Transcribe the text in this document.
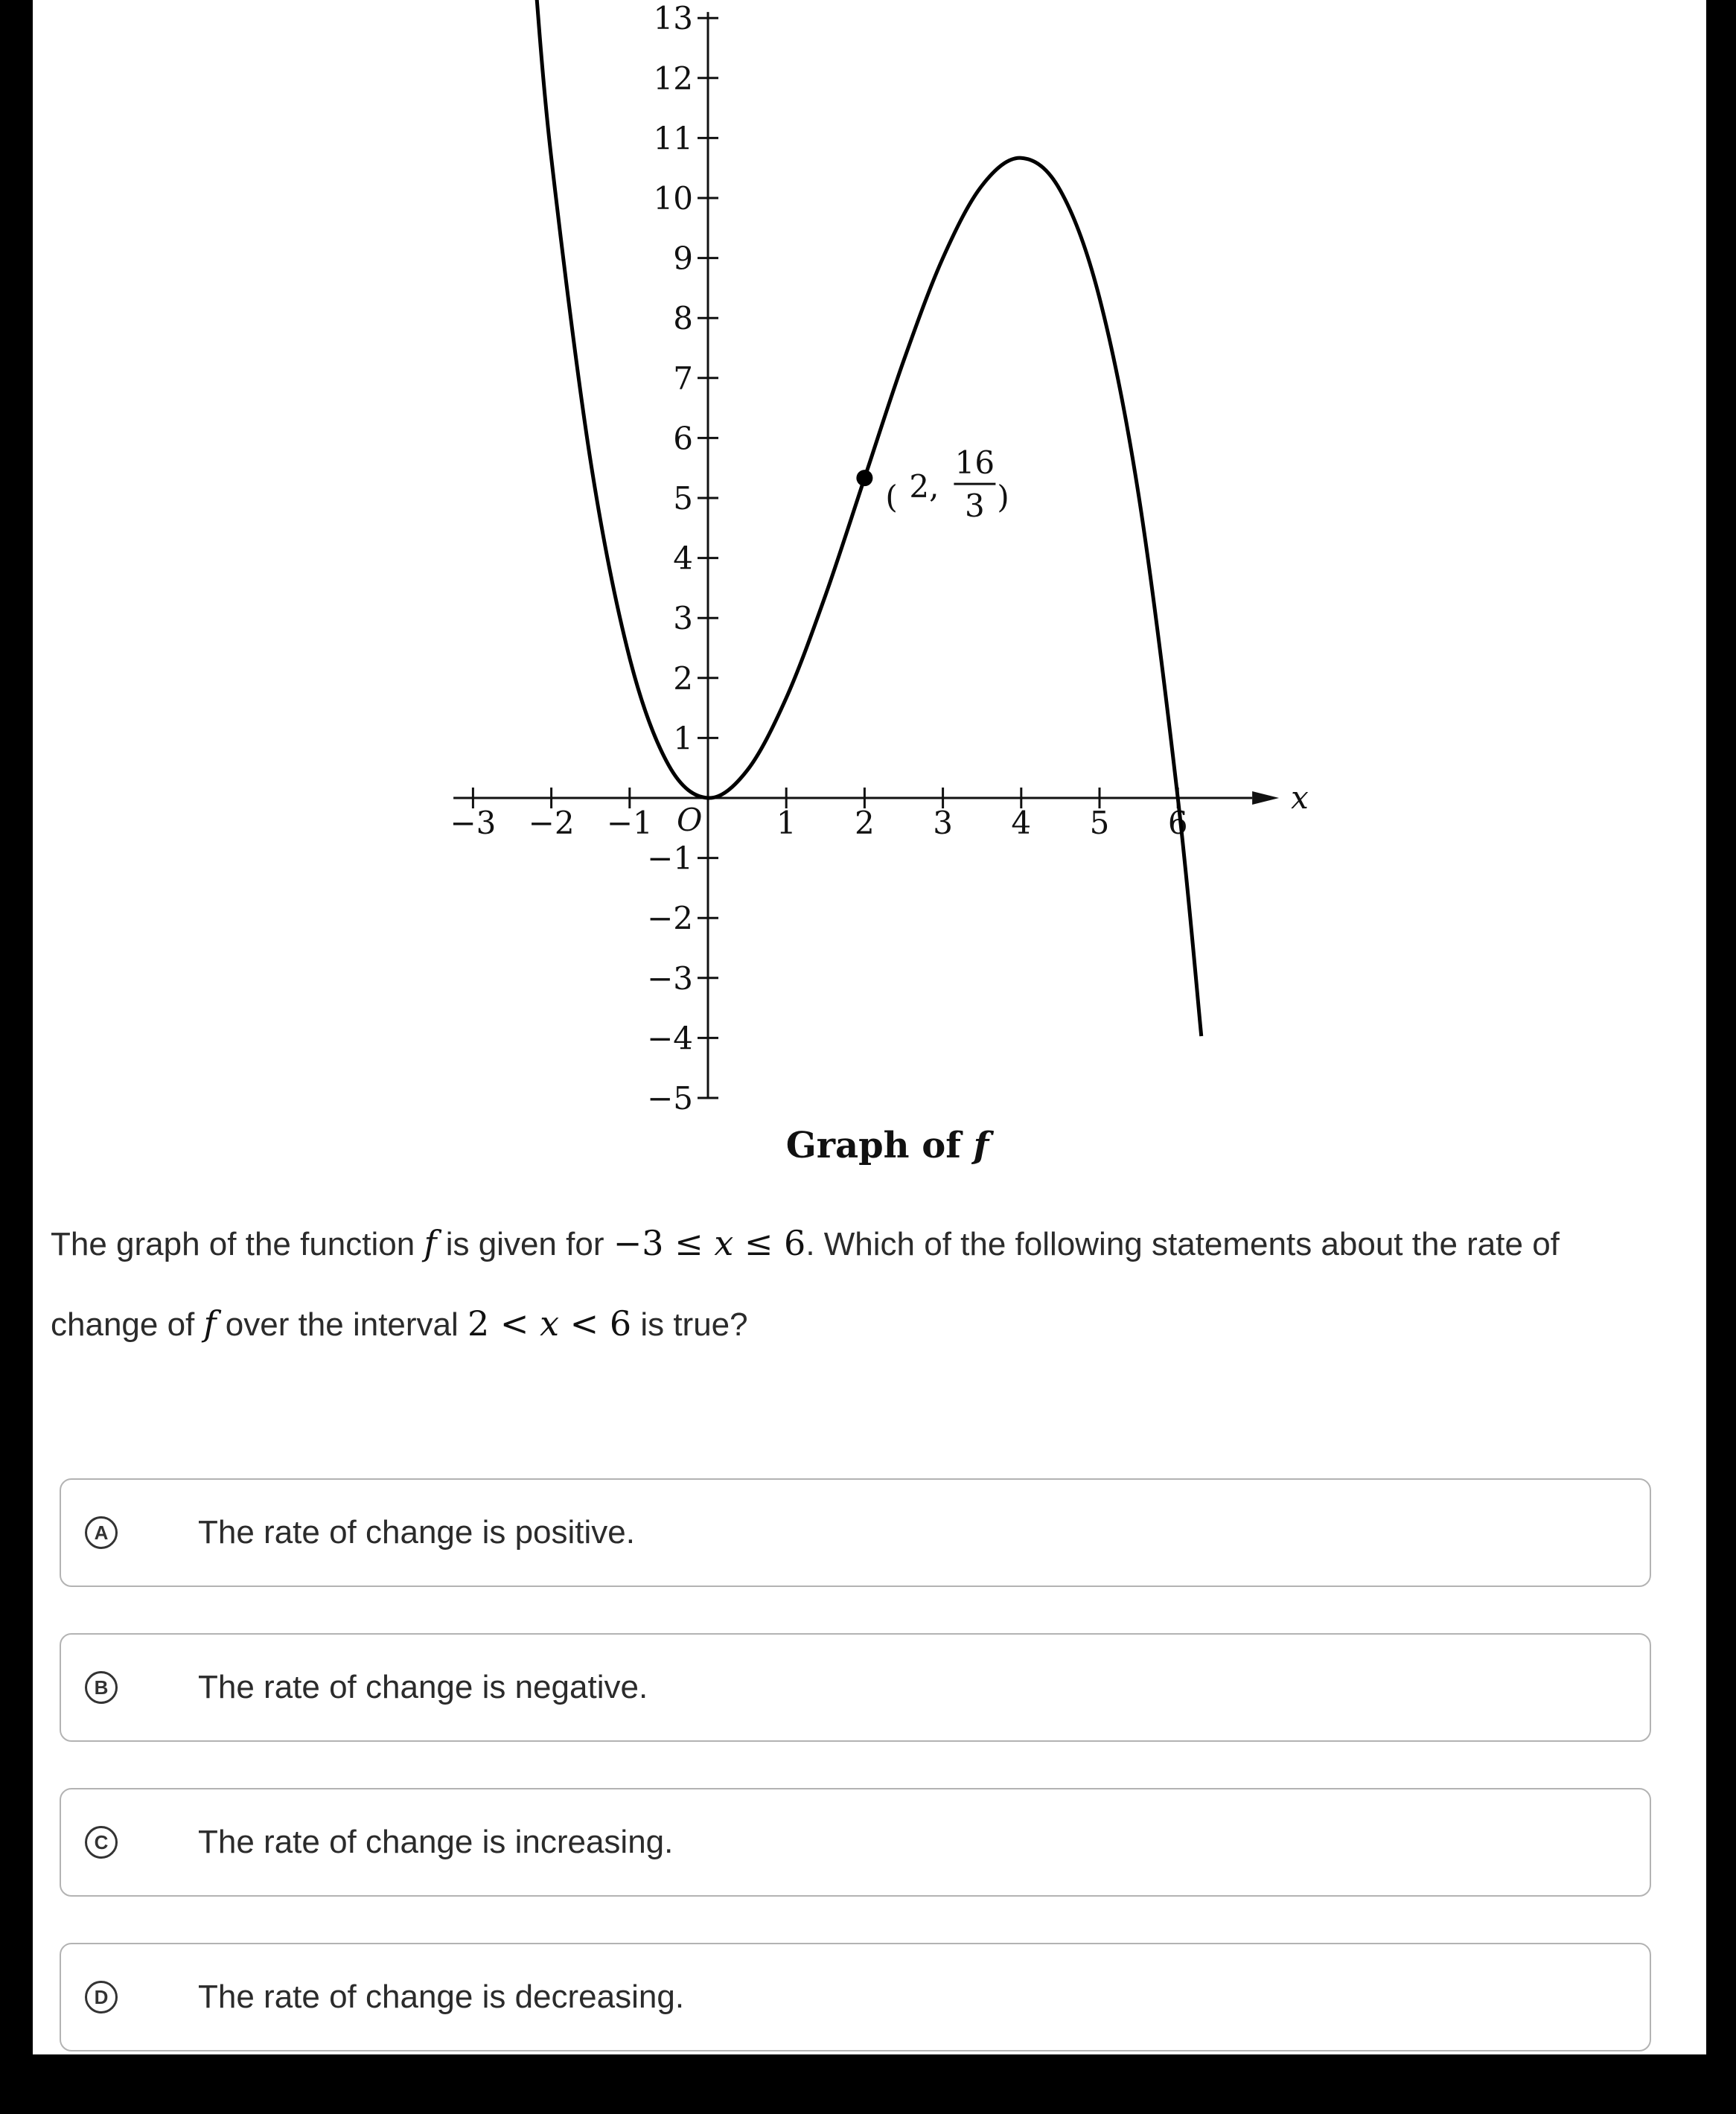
13
12
11
10
9
8
7
6
5
4
3
2
1
−1
−2
−3
−4
−5
−3 −2 −1	1 2 3 4 5 6
x
O
( 2,
16
3 )
Graph of f
The graph of the function f is given for −3 ≤ x ≤ 6. Which of the following statements about the rate of
change of f over the interval 2 < x < 6 is true?
A	The rate of change is positive.
B	The rate of change is negative.
C	The rate of change is increasing.
D	The rate of change is decreasing.
